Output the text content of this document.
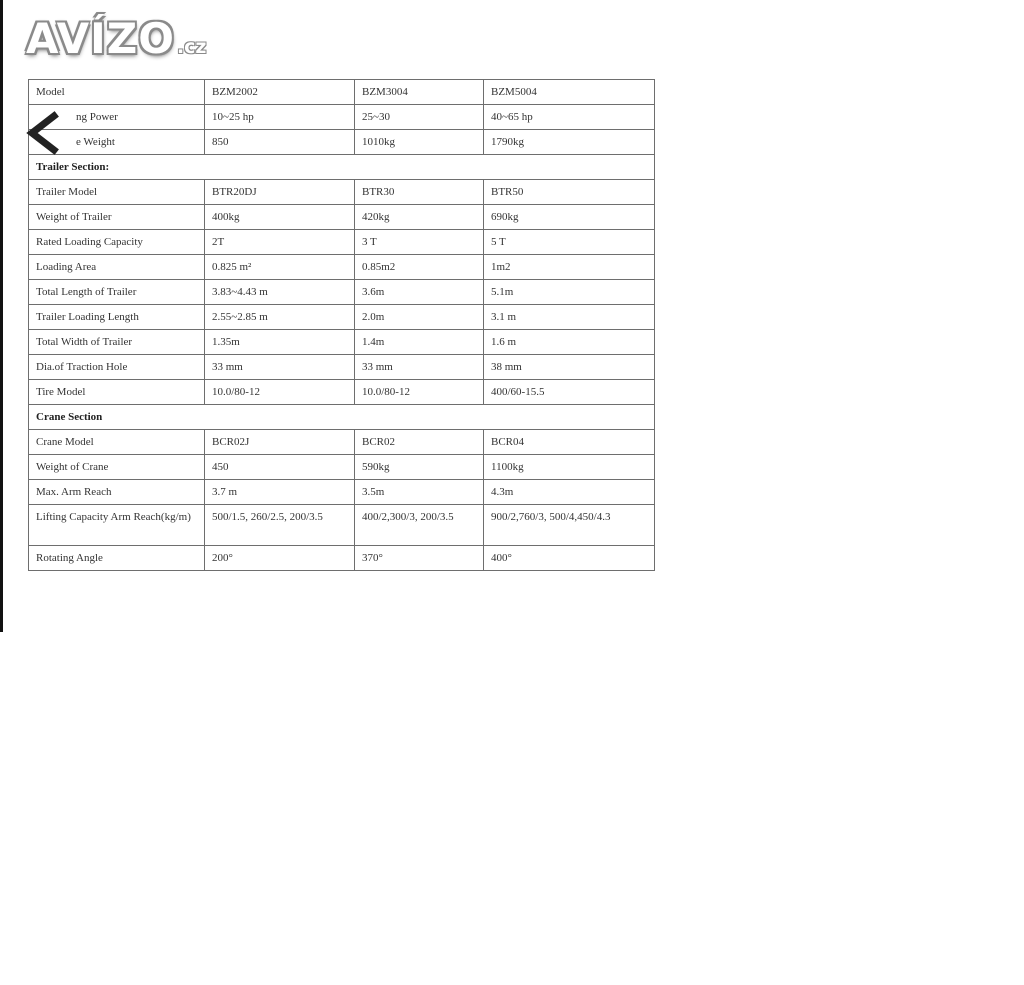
AVÍZO .cz
Model	BZM2002	BZM3004	BZM5004
ng Power	10~25 hp	25~30	40~65 hp
e Weight	850	1010kg	1790kg
Trailer Section:			
Trailer Model	BTR20DJ	BTR30	BTR50
Weight of Trailer	400kg	420kg	690kg
Rated Loading Capacity	2T	3 T	5 T
Loading Area	0.825 m²	0.85m2	1m2
Total Length of Trailer	3.83~4.43 m	3.6m	5.1m
Trailer Loading Length	2.55~2.85 m	2.0m	3.1 m
Total Width of Trailer	1.35m	1.4m	1.6 m
Dia.of Traction Hole	33 mm	33 mm	38 mm
Tire Model	10.0/80-12	10.0/80-12	400/60-15.5
Crane Section			
Crane Model	BCR02J	BCR02	BCR04
Weight of Crane	450	590kg	1100kg
Max. Arm Reach	3.7 m	3.5m	4.3m
Lifting Capacity Arm Reach(kg/m)	500/1.5, 260/2.5, 200/3.5	400/2,300/3, 200/3.5	900/2,760/3, 500/4,450/4.3
Rotating Angle	200°	370°	400°
